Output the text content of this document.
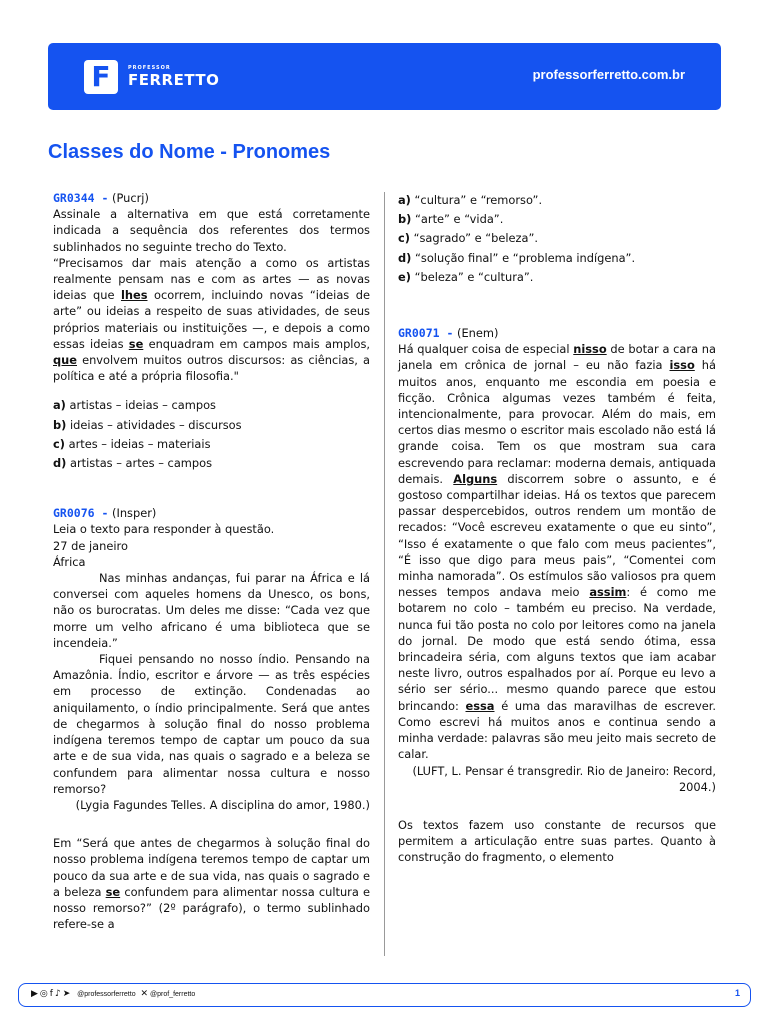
F	PROFESSOR
FERRETTO	professorferretto.com.br
Classes do Nome - Pronomes
GR0344 - (Pucrj)
Assinale a alternativa em que está corretamente indicada a sequência dos referentes dos termos sublinhados no seguinte trecho do Texto.
“Precisamos dar mais atenção a como os artistas realmente pensam nas e com as artes — as novas ideias que lhes ocorrem, incluindo novas “ideias de arte” ou ideias a respeito de suas atividades, de seus próprios materiais ou instituições —, e depois a como essas ideias se enquadram em campos mais amplos, que envolvem muitos outros discursos: as ciências, a política e até a própria filosofia."
a) artistas – ideias – campos
b) ideias – atividades – discursos
c) artes – ideias – materiais
d) artistas – artes – campos
GR0076 - (Insper)
Leia o texto para responder à questão.
27 de janeiro
África
Nas minhas andanças, fui parar na África e lá conversei com aqueles homens da Unesco, os bons, não os burocratas. Um deles me disse: “Cada vez que morre um velho africano é uma biblioteca que se incendeia.”
Fiquei pensando no nosso índio. Pensando na Amazônia. Índio, escritor e árvore — as três espécies em processo de extinção. Condenadas ao aniquilamento, o índio principalmente. Será que antes de chegarmos à solução final do nosso problema indígena teremos tempo de captar um pouco da sua arte e de sua vida, nas quais o sagrado e a beleza se confundem para alimentar nossa cultura e nosso remorso?
(Lygia Fagundes Telles. A disciplina do amor, 1980.)
Em “Será que antes de chegarmos à solução final do nosso problema indígena teremos tempo de captar um pouco da sua arte e de sua vida, nas quais o sagrado e a beleza se confundem para alimentar nossa cultura e nosso remorso?” (2º parágrafo), o termo sublinhado refere-se a
a) “cultura” e “remorso”.
b) “arte” e “vida”.
c) “sagrado” e “beleza”.
d) “solução final” e “problema indígena”.
e) “beleza” e “cultura”.
GR0071 - (Enem)
Há qualquer coisa de especial nisso de botar a cara na janela em crônica de jornal – eu não fazia isso há muitos anos, enquanto me escondia em poesia e ficção. Crônica algumas vezes também é feita, intencionalmente, para provocar. Além do mais, em certos dias mesmo o escritor mais escolado não está lá grande coisa. Tem os que mostram sua cara escrevendo para reclamar: moderna demais, antiquada demais. Alguns discorrem sobre o assunto, e é gostoso compartilhar ideias. Há os textos que parecem passar despercebidos, outros rendem um montão de recados: “Você escreveu exatamente o que eu sinto”, “Isso é exatamente o que falo com meus pacientes”, “É isso que digo para meus pais”, “Comentei com minha namorada”. Os estímulos são valiosos pra quem nesses tempos andava meio assim: é como me botarem no colo – também eu preciso. Na verdade, nunca fui tão posta no colo por leitores como na janela do jornal. De modo que está sendo ótima, essa brincadeira séria, com alguns textos que iam acabar neste livro, outros espalhados por aí. Porque eu levo a sério ser sério... mesmo quando parece que estou brincando: essa é uma das maravilhas de escrever. Como escrevi há muitos anos e continua sendo a minha verdade: palavras são meu jeito mais secreto de calar.
(LUFT, L. Pensar é transgredir. Rio de Janeiro: Record, 2004.)
Os textos fazem uso constante de recursos que permitem a articulação entre suas partes. Quanto à construção do fragmento, o elemento
▶◎f♪➤ @professorferretto ✕@prof_ferretto	1
